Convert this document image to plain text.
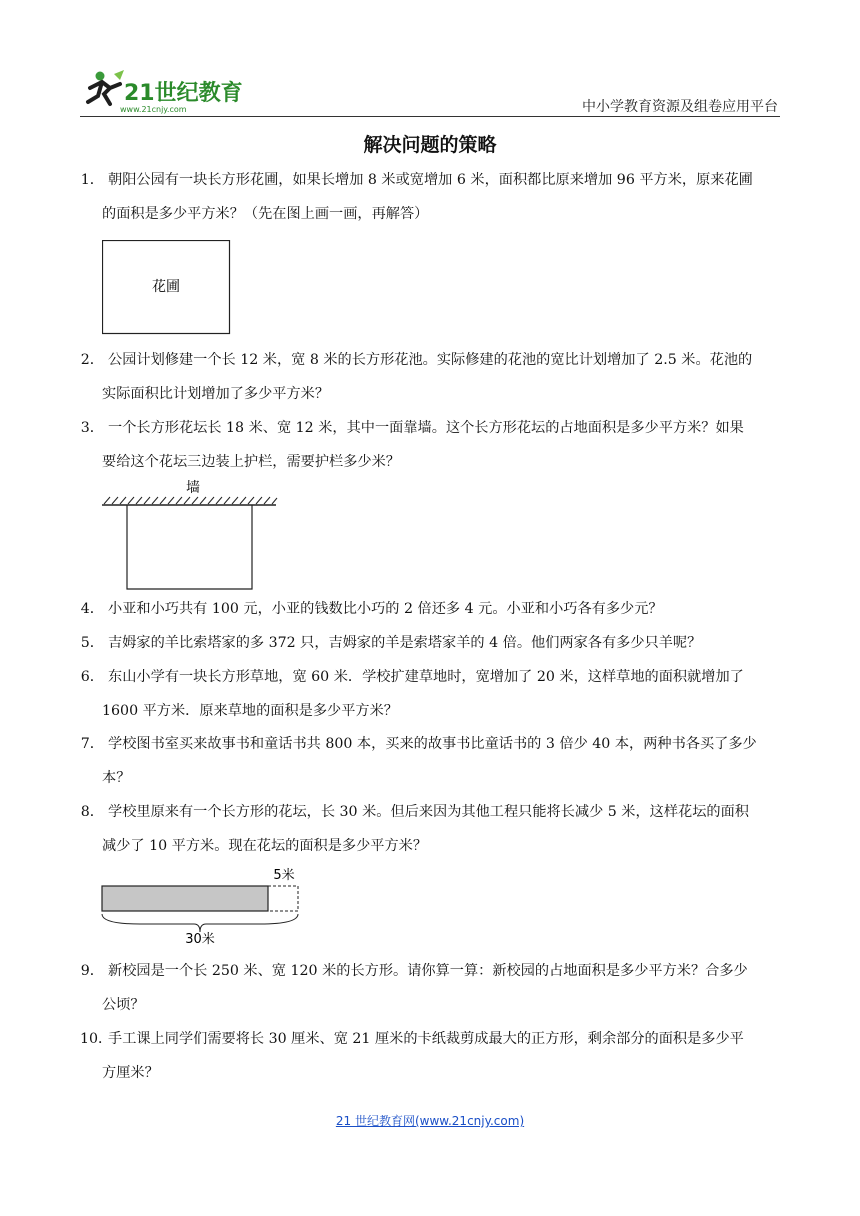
21世纪教育
www.21cnjy.com	中小学教育资源及组卷应用平台
解决问题的策略
1． 朝阳公园有一块长方形花圃，如果长增加 8 米或宽增加 6 米，面积都比原来增加 96 平方米，原来花圃
的面积是多少平方米？（先在图上画一画，再解答）
花圃
2． 公园计划修建一个长 12 米，宽 8 米的长方形花池。实际修建的花池的宽比计划增加了 2.5 米。花池的
实际面积比计划增加了多少平方米？
3． 一个长方形花坛长 18 米、宽 12 米，其中一面靠墙。这个长方形花坛的占地面积是多少平方米？如果
要给这个花坛三边装上护栏，需要护栏多少米？
墙
4． 小亚和小巧共有 100 元，小亚的钱数比小巧的 2 倍还多 4 元。小亚和小巧各有多少元？
5． 吉姆家的羊比索塔家的多 372 只，吉姆家的羊是索塔家羊的 4 倍。他们两家各有多少只羊呢？
6． 东山小学有一块长方形草地，宽 60 米．学校扩建草地时，宽增加了 20 米，这样草地的面积就增加了
1600 平方米．原来草地的面积是多少平方米？
7． 学校图书室买来故事书和童话书共 800 本，买来的故事书比童话书的 3 倍少 40 本，两种书各买了多少
本？
8． 学校里原来有一个长方形的花坛，长 30 米。但后来因为其他工程只能将长减少 5 米，这样花坛的面积
减少了 10 平方米。现在花坛的面积是多少平方米？
5米
30米
9． 新校园是一个长 250 米、宽 120 米的长方形。请你算一算：新校园的占地面积是多少平方米？合多少
公顷？
10．手工课上同学们需要将长 30 厘米、宽 21 厘米的卡纸裁剪成最大的正方形，剩余部分的面积是多少平
方厘米？
21 世纪教育网(www.21cnjy.com)
